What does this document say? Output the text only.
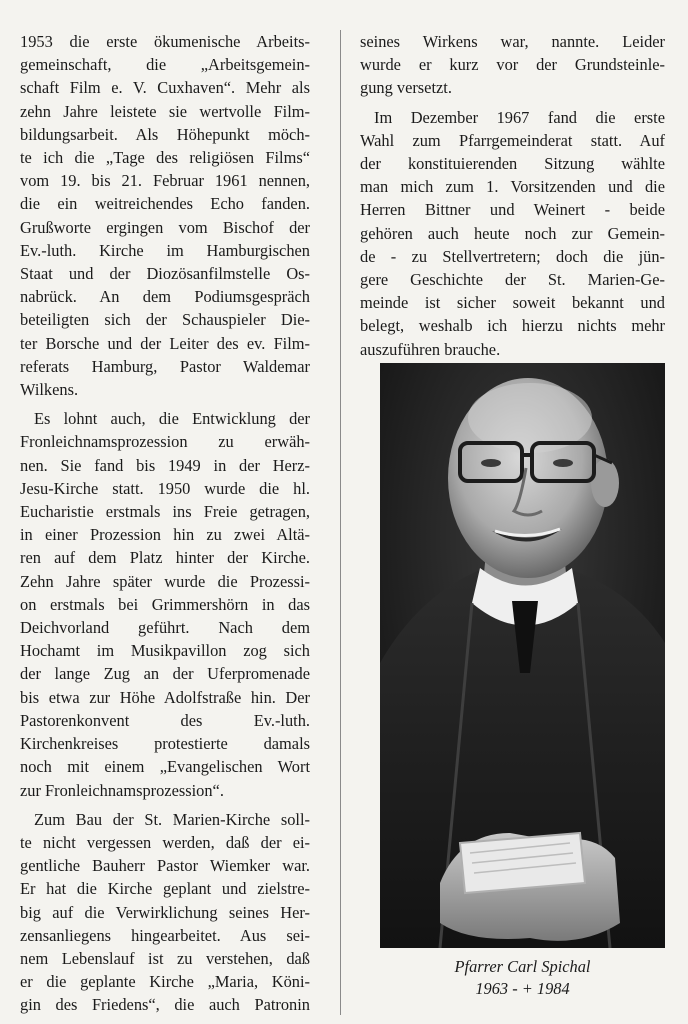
1953 die erste ökumenische Arbeits-
gemeinschaft, die „Arbeitsgemein-
schaft Film e. V. Cuxhaven“. Mehr als
zehn Jahre leistete sie wertvolle Film-
bildungsarbeit. Als Höhepunkt möch-
te ich die „Tage des religiösen Films“
vom 19. bis 21. Februar 1961 nennen,
die ein weitreichendes Echo fanden.
Grußworte ergingen vom Bischof der
Ev.-luth. Kirche im Hamburgischen
Staat und der Diozösanfilmstelle Os-
nabrück. An dem Podiumsgespräch
beteiligten sich der Schauspieler Die-
ter Borsche und der Leiter des ev. Film-
referats Hamburg, Pastor Waldemar
Wilkens.
Es lohnt auch, die Entwicklung der
Fronleichnamsprozession zu erwäh-
nen. Sie fand bis 1949 in der Herz-
Jesu-Kirche statt. 1950 wurde die hl.
Eucharistie erstmals ins Freie getragen,
in einer Prozession hin zu zwei Altä-
ren auf dem Platz hinter der Kirche.
Zehn Jahre später wurde die Prozessi-
on erstmals bei Grimmershörn in das
Deichvorland geführt. Nach dem
Hochamt im Musikpavillon zog sich
der lange Zug an der Uferpromenade
bis etwa zur Höhe Adolfstraße hin. Der
Pastorenkonvent des Ev.-luth.
Kirchenkreises protestierte damals
noch mit einem „Evangelischen Wort
zur Fronleichnamsprozession“.
Zum Bau der St. Marien-Kirche soll-
te nicht vergessen werden, daß der ei-
gentliche Bauherr Pastor Wiemker war.
Er hat die Kirche geplant und zielstre-
big auf die Verwirklichung seines Her-
zensanliegens hingearbeitet. Aus sei-
nem Lebenslauf ist zu verstehen, daß
er die geplante Kirche „Maria, Köni-
gin des Friedens“, die auch Patronin
seines Wirkens war, nannte. Leider
wurde er kurz vor der Grundsteinle-
gung versetzt.
Im Dezember 1967 fand die erste
Wahl zum Pfarrgemeinderat statt. Auf
der konstituierenden Sitzung wählte
man mich zum 1. Vorsitzenden und die
Herren Bittner und Weinert - beide
gehören auch heute noch zur Gemein-
de - zu Stellvertretern; doch die jün-
gere Geschichte der St. Marien-Ge-
meinde ist sicher soweit bekannt und
belegt, weshalb ich hierzu nichts mehr
auszuführen brauche.
Pfarrer Carl Spichal
1963 - + 1984
